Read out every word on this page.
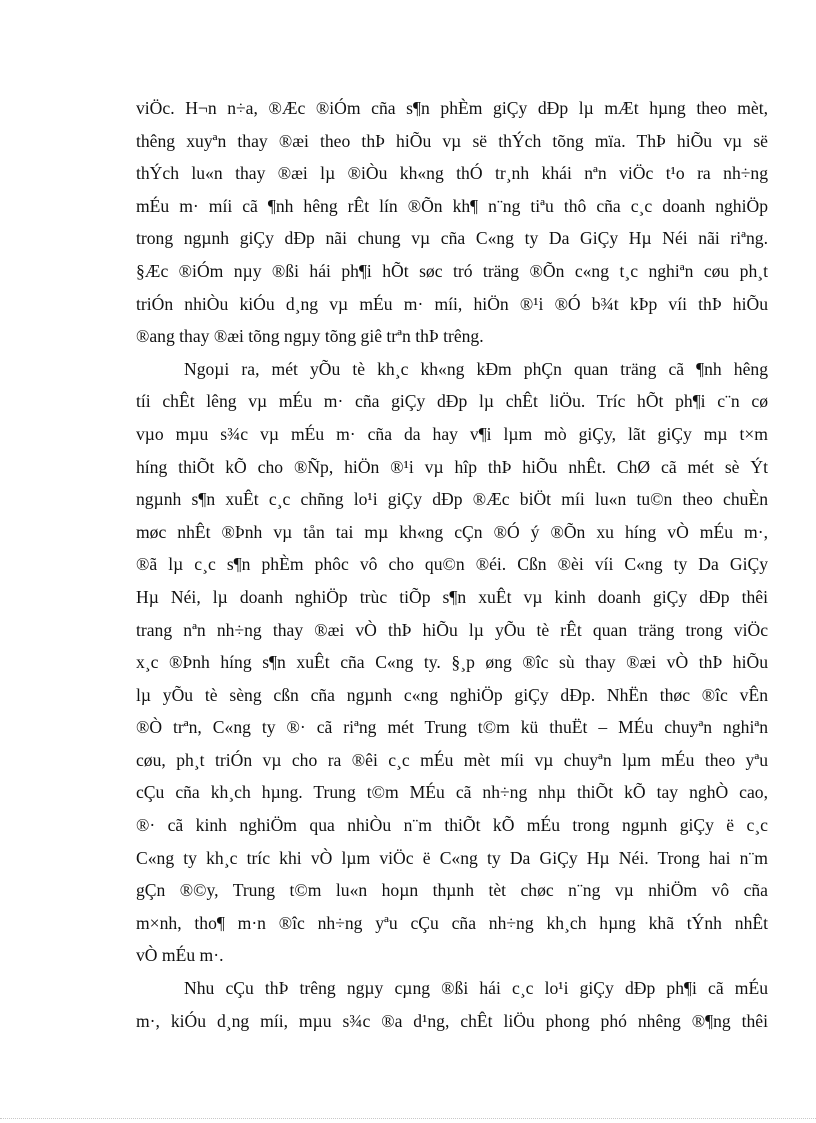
viÖc. H¬n n÷a, ®Æc ®iÓm cña s¶n phÈm giÇy dÐp lµ mÆt hµng theo mèt,
thêng xuyªn thay ®æi theo thÞ hiÕu vµ së thÝch tõng mïa. ThÞ hiÕu vµ së
thÝch lu«n thay ®æi lµ ®iÒu kh«ng thÓ tr¸nh khái nªn viÖc t¹o ra nh÷ng
mÉu m· míi cã ¶nh hêng rÊt lín ®Õn kh¶ n¨ng tiªu thô cña c¸c doanh nghiÖp
trong ngµnh giÇy dÐp nãi chung vµ cña C«ng ty Da GiÇy Hµ Néi nãi riªng.
§Æc ®iÓm nµy ®ßi hái ph¶i hÕt søc tró träng ®Õn c«ng t¸c nghiªn cøu ph¸t
triÓn nhiÒu kiÓu d¸ng vµ mÉu m· míi, hiÖn ®¹i ®Ó b¾t kÞp víi thÞ hiÕu
®ang thay ®æi tõng ngµy tõng giê trªn thÞ trêng.
Ngoµi ra, mét yÕu tè kh¸c kh«ng kÐm phÇn quan träng cã ¶nh hêng
tíi chÊt lêng vµ mÉu m· cña giÇy dÐp lµ chÊt liÖu. Tríc hÕt ph¶i c¨n cø
vµo mµu s¾c vµ mÉu m· cña da hay v¶i lµm mò giÇy, lãt giÇy mµ t×m
híng thiÕt kÕ cho ®Ñp, hiÖn ®¹i vµ hîp thÞ hiÕu nhÊt. ChØ cã mét sè Ýt
ngµnh s¶n xuÊt c¸c chñng lo¹i giÇy dÐp ®Æc biÖt míi lu«n tu©n theo chuÈn
møc nhÊt ®Þnh vµ tån tai mµ kh«ng cÇn ®Ó ý ®Õn xu híng vÒ mÉu m·,
®ã lµ c¸c s¶n phÈm phôc vô cho qu©n ®éi. Cßn ®èi víi C«ng ty Da GiÇy
Hµ Néi, lµ doanh nghiÖp trùc tiÕp s¶n xuÊt vµ kinh doanh giÇy dÐp thêi
trang nªn nh÷ng thay ®æi vÒ thÞ hiÕu lµ yÕu tè rÊt quan träng trong viÖc
x¸c ®Þnh híng s¶n xuÊt cña C«ng ty. §¸p øng ®îc sù thay ®æi vÒ thÞ hiÕu
lµ yÕu tè sèng cßn cña ngµnh c«ng nghiÖp giÇy dÐp. NhËn thøc ®îc vÊn
®Ò trªn, C«ng ty ®· cã riªng mét Trung t©m kü thuËt – MÉu chuyªn nghiªn
cøu, ph¸t triÓn vµ cho ra ®êi c¸c mÉu mèt míi vµ chuyªn lµm mÉu theo yªu
cÇu cña kh¸ch hµng. Trung t©m MÉu cã nh÷ng nhµ thiÕt kÕ tay nghÒ cao,
®· cã kinh nghiÖm qua nhiÒu n¨m thiÕt kÕ mÉu trong ngµnh giÇy ë c¸c
C«ng ty kh¸c tríc khi vÒ lµm viÖc ë C«ng ty Da GiÇy Hµ Néi. Trong hai n¨m
gÇn ®©y, Trung t©m lu«n hoµn thµnh tèt chøc n¨ng vµ nhiÖm vô cña
m×nh, tho¶ m·n ®îc nh÷ng yªu cÇu cña nh÷ng kh¸ch hµng khã tÝnh nhÊt
vÒ mÉu m·.
Nhu cÇu thÞ trêng ngµy cµng ®ßi hái c¸c lo¹i giÇy dÐp ph¶i cã mÉu
m·, kiÓu d¸ng míi, mµu s¾c ®a d¹ng, chÊt liÖu phong phó nhêng ®¶ng thêi
